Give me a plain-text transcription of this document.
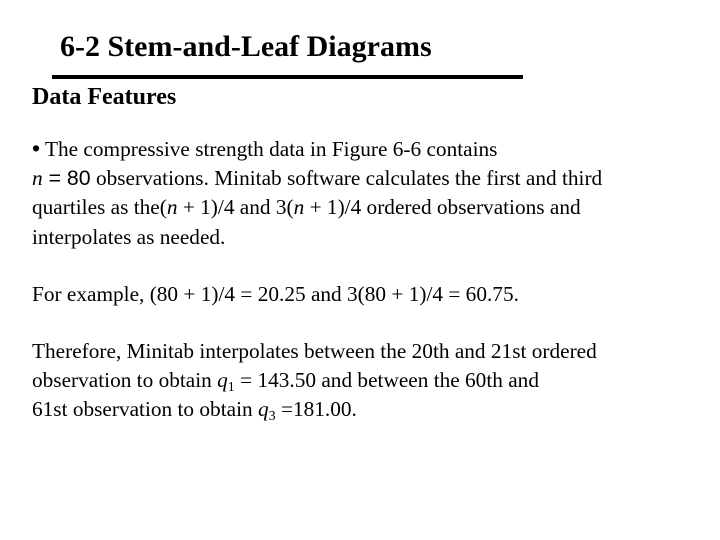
6-2 Stem-and-Leaf Diagrams
Data Features
• The compressive strength data in Figure 6-6 contains
n = 80 observations. Minitab software calculates the first and third
quartiles as the(n + 1)/4 and 3(n + 1)/4 ordered observations and
interpolates as needed.
For example, (80 + 1)/4 = 20.25 and 3(80 + 1)/4 = 60.75.
Therefore, Minitab interpolates between the 20th and 21st ordered
observation to obtain $q_1 = 143.50$ and between the 60th and
61st observation to obtain $q_3 =181.00$.
